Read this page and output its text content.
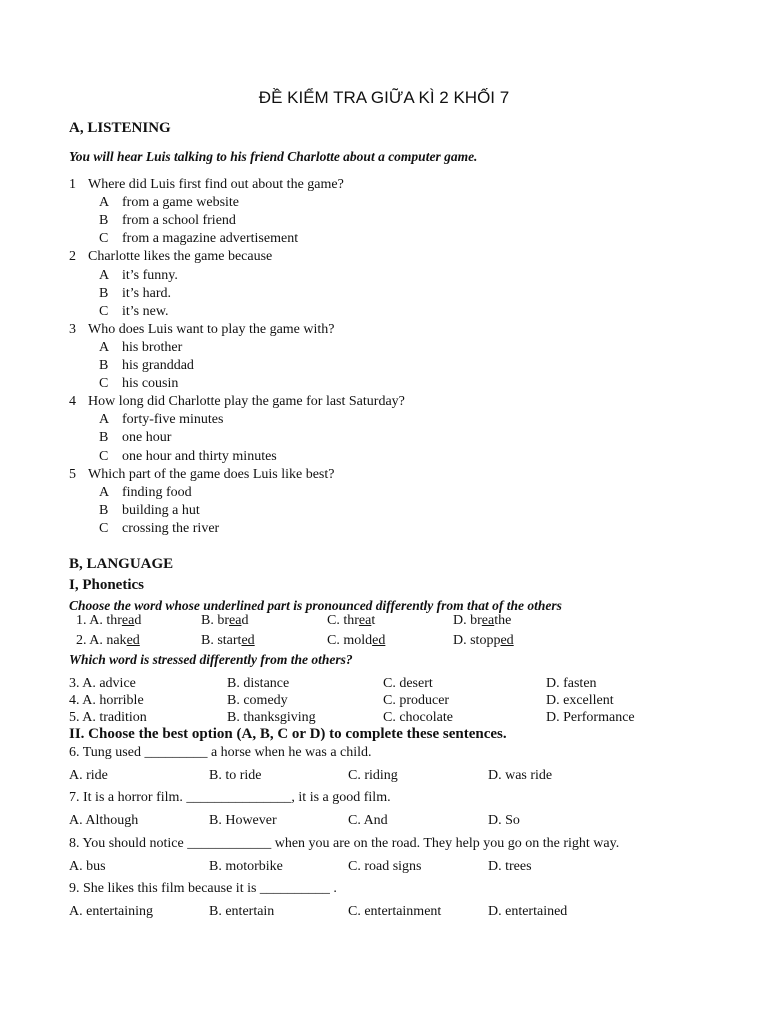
ĐỀ KIỂM TRA GIỮA KÌ 2 KHỐI 7
A, LISTENING
You will hear Luis talking to his friend Charlotte about a computer game.
1 Where did Luis first find out about the game?
A from a game website
B from a school friend
C from a magazine advertisement
2 Charlotte likes the game because
A it’s funny.
B it’s hard.
C it’s new.
3 Who does Luis want to play the game with?
A his brother
B his granddad
C his cousin
4 How long did Charlotte play the game for last Saturday?
A forty-five minutes
B one hour
C one hour and thirty minutes
5 Which part of the game does Luis like best?
A finding food
B building a hut
C crossing the river
B, LANGUAGE
I, Phonetics
Choose the word whose underlined part is pronounced differently from that of the others
1. A. thread	B. bread	C. threat	D. breathe
2. A. naked	B. started	C. molded	D. stopped
Which word is stressed differently from the others?
3. A. advice	B. distance	C. desert	D. fasten
4. A. horrible	B. comedy	C. producer	D. excellent
5. A. tradition	B. thanksgiving	C. chocolate	D. Performance
II. Choose the best option (A, B, C or D) to complete these sentences.
6. Tung used _________ a horse when he was a child.
A. ride	B. to ride	C. riding	D. was ride
7. It is a horror film. _______________, it is a good film.
A. Although	B. However	C. And	D. So
8. You should notice ____________ when you are on the road. They help you go on the right way.
A. bus	B. motorbike	C. road signs	D. trees
9. She likes this film because it is __________ .
A. entertaining	B. entertain	C. entertainment	D. entertained
